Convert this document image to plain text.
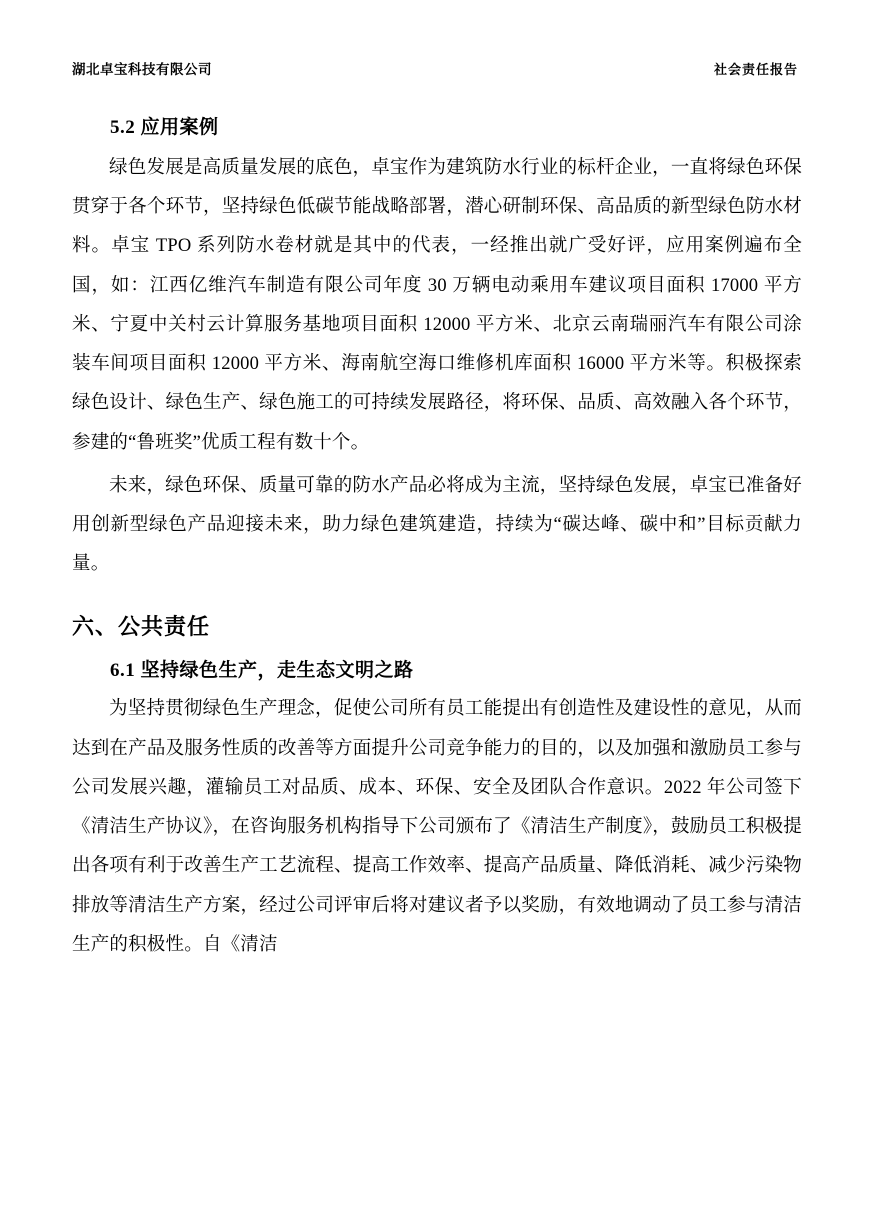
湖北卓宝科技有限公司	社会责任报告
5.2 应用案例

绿色发展是高质量发展的底色，卓宝作为建筑防水行业的标杆企业，一直将绿色环保贯穿于各个环节，坚持绿色低碳节能战略部署，潜心研制环保、高品质的新型绿色防水材料。卓宝 TPO 系列防水卷材就是其中的代表，一经推出就广受好评，应用案例遍布全国，如：江西亿维汽车制造有限公司年度 30 万辆电动乘用车建议项目面积 17000 平方米、宁夏中关村云计算服务基地项目面积 12000 平方米、北京云南瑞丽汽车有限公司涂装车间项目面积 12000 平方米、海南航空海口维修机库面积 16000 平方米等。积极探索绿色设计、绿色生产、绿色施工的可持续发展路径，将环保、品质、高效融入各个环节，参建的“鲁班奖”优质工程有数十个。

未来，绿色环保、质量可靠的防水产品必将成为主流，坚持绿色发展，卓宝已准备好用创新型绿色产品迎接未来，助力绿色建筑建造，持续为“碳达峰、碳中和”目标贡献力量。

六、公共责任
6.1 坚持绿色生产，走生态文明之路

为坚持贯彻绿色生产理念，促使公司所有员工能提出有创造性及建设性的意见，从而达到在产品及服务性质的改善等方面提升公司竞争能力的目的，以及加强和激励员工参与公司发展兴趣，灌输员工对品质、成本、环保、安全及团队合作意识。2022 年公司签下《清洁生产协议》，在咨询服务机构指导下公司颁布了《清洁生产制度》，鼓励员工积极提出各项有利于改善生产工艺流程、提高工作效率、提高产品质量、降低消耗、减少污染物排放等清洁生产方案，经过公司评审后将对建议者予以奖励，有效地调动了员工参与清洁生产的积极性。自《清洁
